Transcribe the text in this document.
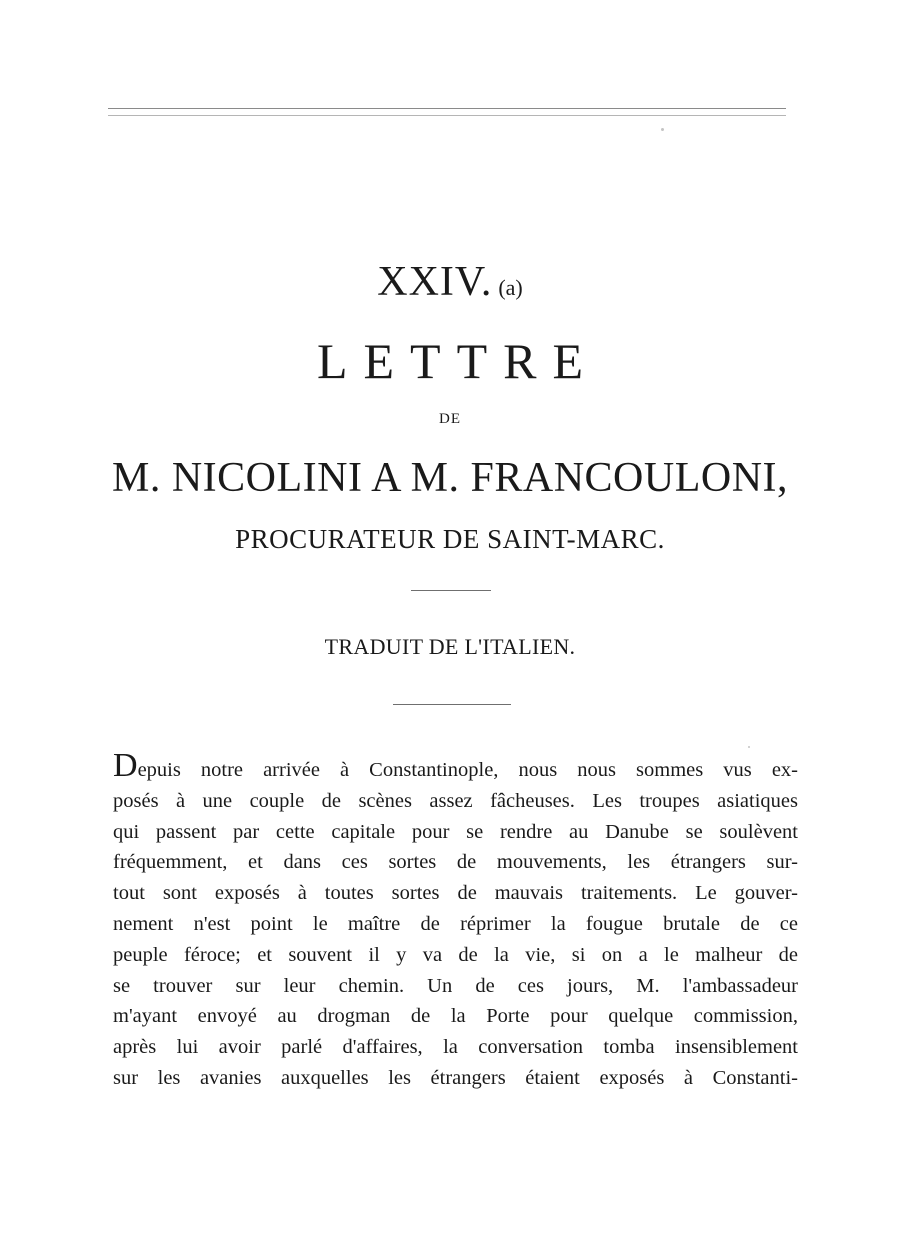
XXIV. (a)
LETTRE
DE
M. NICOLINI A M. FRANCOULONI,
PROCURATEUR DE SAINT-MARC.
TRADUIT DE L'ITALIEN.
Depuis notre arrivée à Constantinople, nous nous sommes vus ex-
posés à une couple de scènes assez fâcheuses. Les troupes asiatiques
qui passent par cette capitale pour se rendre au Danube se soulèvent
fréquemment, et dans ces sortes de mouvements, les étrangers sur-
tout sont exposés à toutes sortes de mauvais traitements. Le gouver-
nement n'est point le maître de réprimer la fougue brutale de ce
peuple féroce; et souvent il y va de la vie, si on a le malheur de
se trouver sur leur chemin. Un de ces jours, M. l'ambassadeur
m'ayant envoyé au drogman de la Porte pour quelque commission,
après lui avoir parlé d'affaires, la conversation tomba insensiblement
sur les avanies auxquelles les étrangers étaient exposés à Constanti-
